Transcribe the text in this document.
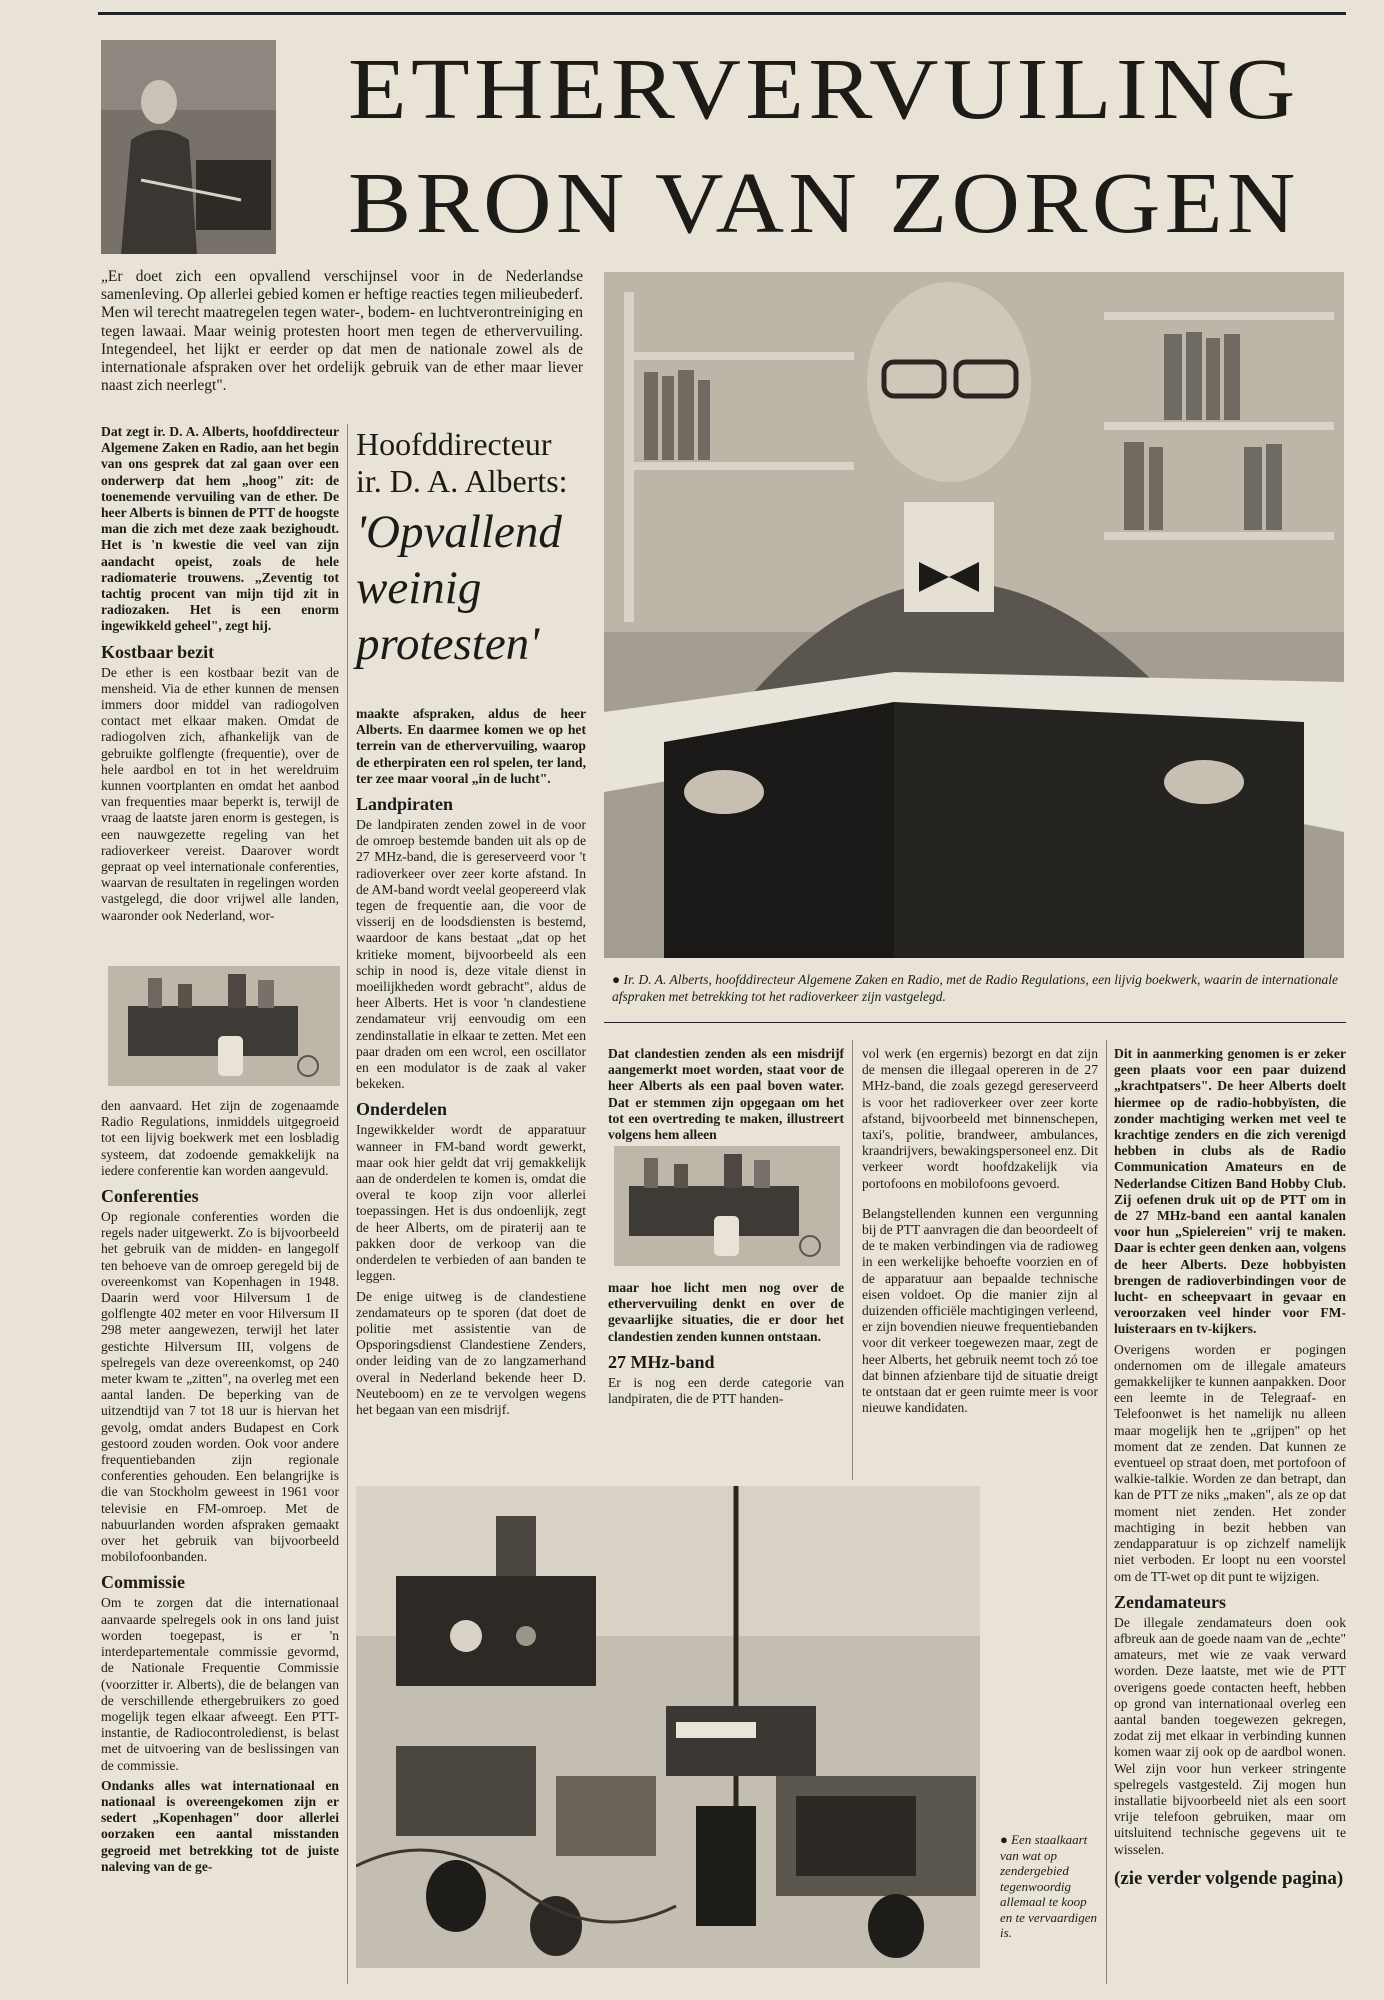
ETHERVERVUILING
BRON VAN ZORGEN
„Er doet zich een opvallend verschijnsel voor in de Nederlandse samenleving. Op allerlei gebied komen er heftige reacties tegen milieubederf. Men wil terecht maatregelen tegen water-, bodem- en luchtverontreiniging en tegen lawaai. Maar weinig protesten hoort men tegen de ethervervuiling. Integendeel, het lijkt er eerder op dat men de nationale zowel als de internationale afspraken over het ordelijk gebruik van de ether maar liever naast zich neerlegt".

Dat zegt ir. D. A. Alberts, hoofddirecteur Algemene Zaken en Radio, aan het begin van ons gesprek dat zal gaan over een onderwerp dat hem „hoog" zit: de toenemende vervuiling van de ether. De heer Alberts is binnen de PTT de hoogste man die zich met deze zaak bezighoudt. Het is 'n kwestie die veel van zijn aandacht opeist, zoals de hele radiomaterie trouwens. „Zeventig tot tachtig procent van mijn tijd zit in radiozaken. Het is een enorm ingewikkeld geheel", zegt hij.

Kostbaar bezit

De ether is een kostbaar bezit van de mensheid. Via de ether kunnen de mensen immers door middel van radiogolven contact met elkaar maken. Omdat de radiogolven zich, afhankelijk van de gebruikte golflengte (frequentie), over de hele aardbol en tot in het wereldruim kunnen voortplanten en omdat het aanbod van frequenties maar beperkt is, terwijl de vraag de laatste jaren enorm is gestegen, is een nauwgezette regeling van het radioverkeer vereist. Daarover wordt gepraat op veel internationale conferenties, waarvan de resultaten in regelingen worden vastgelegd, die door vrijwel alle landen, waaronder ook Nederland, wor-

den aanvaard. Het zijn de zogenaamde Radio Regulations, inmiddels uitgegroeid tot een lijvig boekwerk met een losbladig systeem, dat zodoende gemakkelijk na iedere conferentie kan worden aangevuld.

Conferenties

Op regionale conferenties worden die regels nader uitgewerkt. Zo is bijvoorbeeld het gebruik van de midden- en langegolf ten behoeve van de omroep geregeld bij de overeenkomst van Kopenhagen in 1948. Daarin werd voor Hilversum 1 de golflengte 402 meter en voor Hilversum II 298 meter aangewezen, terwijl het later gestichte Hilversum III, volgens de spelregels van deze overeenkomst, op 240 meter kwam te „zitten", na overleg met een aantal landen. De beperking van de uitzendtijd van 7 tot 18 uur is hiervan het gevolg, omdat anders Budapest en Cork gestoord zouden worden. Ook voor andere frequentiebanden zijn regionale conferenties gehouden. Een belangrijke is die van Stockholm geweest in 1961 voor televisie en FM-omroep. Met de nabuurlanden worden afspraken gemaakt over het gebruik van bijvoorbeeld mobilofoonbanden.

Commissie

Om te zorgen dat die internationaal aanvaarde spelregels ook in ons land juist worden toegepast, is er 'n interdepartementale commissie gevormd, de Nationale Frequentie Commissie (voorzitter ir. Alberts), die de belangen van de verschillende ethergebruikers zo goed mogelijk tegen elkaar afweegt. Een PTT-instantie, de Radiocontroledienst, is belast met de uitvoering van de beslissingen van de commissie.

Ondanks alles wat internationaal en nationaal is overeengekomen zijn er sedert „Kopenhagen" door allerlei oorzaken een aantal misstanden gegroeid met betrekking tot de juiste naleving van de ge-

Hoofddirecteur
ir. D. A. Alberts:
'Opvallend
weinig
protesten'

maakte afspraken, aldus de heer Alberts. En daarmee komen we op het terrein van de ethervervuiling, waarop de etherpiraten een rol spelen, ter land, ter zee maar vooral „in de lucht".

Landpiraten

De landpiraten zenden zowel in de voor de omroep bestemde banden uit als op de 27 MHz-band, die is gereserveerd voor 't radioverkeer over zeer korte afstand. In de AM-band wordt veelal geopereerd vlak tegen de frequentie aan, die voor de visserij en de loodsdiensten is bestemd, waardoor de kans bestaat „dat op het kritieke moment, bijvoorbeeld als een schip in nood is, deze vitale dienst in moeilijkheden wordt gebracht", aldus de heer Alberts. Het is voor 'n clandestiene zendamateur vrij eenvoudig om een zendinstallatie in elkaar te zetten. Met een paar draden om een wcrol, een oscillator en een modulator is de zaak al vaker bekeken.

Onderdelen

Ingewikkelder wordt de apparatuur wanneer in FM-band wordt gewerkt, maar ook hier geldt dat vrij gemakkelijk aan de onderdelen te komen is, omdat die overal te koop zijn voor allerlei toepassingen. Het is dus ondoenlijk, zegt de heer Alberts, om de piraterij aan te pakken door de verkoop van die onderdelen te verbieden of aan banden te leggen.

De enige uitweg is de clandestiene zendamateurs op te sporen (dat doet de politie met assistentie van de Opsporingsdienst Clandestiene Zenders, onder leiding van de zo langzamerhand overal in Nederland bekende heer D. Neuteboom) en ze te vervolgen wegens het begaan van een misdrijf.

● Ir. D. A. Alberts, hoofddirecteur Algemene Zaken en Radio, met de Radio Regulations, een lijvig boekwerk, waarin de internationale afspraken met betrekking tot het radioverkeer zijn vastgelegd.

Dat clandestien zenden als een misdrijf aangemerkt moet worden, staat voor de heer Alberts als een paal boven water. Dat er stemmen zijn opgegaan om het tot een overtreding te maken, illustreert volgens hem alleen

maar hoe licht men nog over de ethervervuiling denkt en over de gevaarlijke situaties, die er door het clandestien zenden kunnen ontstaan.

27 MHz-band

Er is nog een derde categorie van landpiraten, die de PTT handen-

vol werk (en ergernis) bezorgt en dat zijn de mensen die illegaal opereren in de 27 MHz-band, die zoals gezegd gereserveerd is voor het radioverkeer over zeer korte afstand, bijvoorbeeld met binnenschepen, taxi's, politie, brandweer, ambulances, kraandrijvers, bewakingspersoneel enz. Dit verkeer wordt hoofdzakelijk via portofoons en mobilofoons gevoerd.

Belangstellenden kunnen een vergunning bij de PTT aanvragen die dan beoordeelt of de te maken verbindingen via de radioweg in een werkelijke behoefte voorzien en of de apparatuur aan bepaalde technische eisen voldoet. Op die manier zijn al duizenden officiële machtigingen verleend, er zijn bovendien nieuwe frequentiebanden voor dit verkeer toegewezen maar, zegt de heer Alberts, het gebruik neemt toch zó toe dat binnen afzienbare tijd de situatie dreigt te ontstaan dat er geen ruimte meer is voor nieuwe kandidaten.

Dit in aanmerking genomen is er zeker geen plaats voor een paar duizend „krachtpatsers". De heer Alberts doelt hiermee op de radio-hobbyïsten, die zonder machtiging werken met veel te krachtige zenders en die zich verenigd hebben in clubs als de Radio Communication Amateurs en de Nederlandse Citizen Band Hobby Club. Zij oefenen druk uit op de PTT om in de 27 MHz-band een aantal kanalen voor hun „Spielereien" vrij te maken. Daar is echter geen denken aan, volgens de heer Alberts. Deze hobbyisten brengen de radioverbindingen voor de lucht- en scheepvaart in gevaar en veroorzaken veel hinder voor FM-luisteraars en tv-kijkers.

Overigens worden er pogingen ondernomen om de illegale amateurs gemakkelijker te kunnen aanpakken. Door een leemte in de Telegraaf- en Telefoonwet is het namelijk nu alleen maar mogelijk hen te „grijpen" op het moment dat ze zenden. Dat kunnen ze eventueel op straat doen, met portofoon of walkie-talkie. Worden ze dan betrapt, dan kan de PTT ze niks „maken", als ze op dat moment niet zenden. Het zonder machtiging in bezit hebben van zendapparatuur is op zichzelf namelijk niet verboden. Er loopt nu een voorstel om de TT-wet op dit punt te wijzigen.

Zendamateurs

De illegale zendamateurs doen ook afbreuk aan de goede naam van de „echte" amateurs, met wie ze vaak verward worden. Deze laatste, met wie de PTT overigens goede contacten heeft, hebben op grond van internationaal overleg een aantal banden toegewezen gekregen, zodat zij met elkaar in verbinding kunnen komen waar zij ook op de aardbol wonen. Wel zijn voor hun verkeer stringente spelregels vastgesteld. Zij mogen hun installatie bijvoorbeeld niet als een soort vrije telefoon gebruiken, maar om uitsluitend technische gegevens uit te wisselen.

(zie verder volgende pagina)
● Een staalkaart van wat op zendergebied tegenwoordig allemaal te koop en te vervaardigen is.
